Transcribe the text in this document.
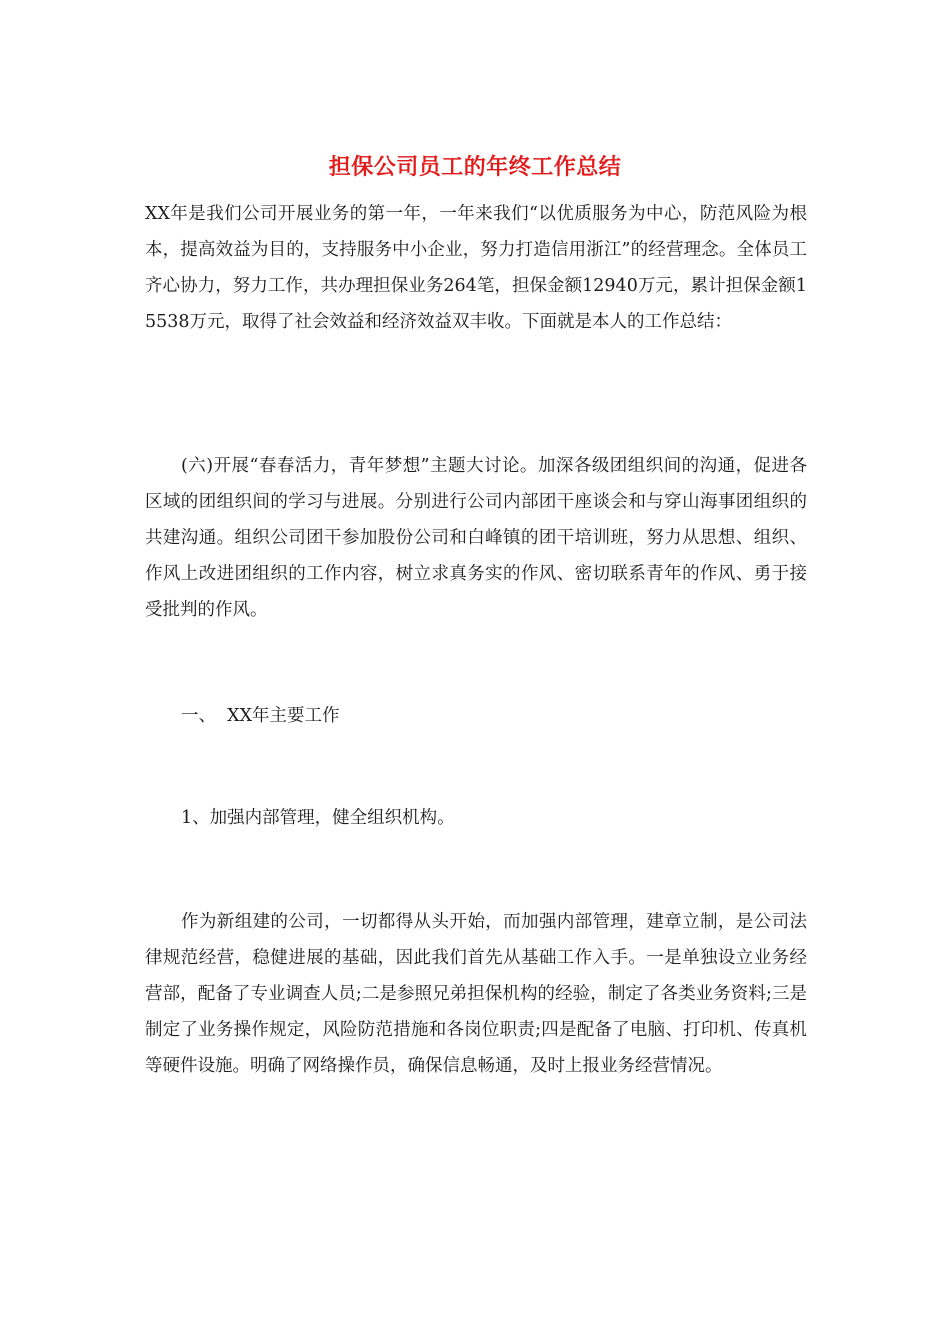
担保公司员工的年终工作总结

XX年是我们公司开展业务的第一年，一年来我们“以优质服务为中心，防范风险为根本，提高效益为目的，支持服务中小企业，努力打造信用浙江”的经营理念。全体员工齐心协力，努力工作，共办理担保业务264笔，担保金额12940万元，累计担保金额15538万元，取得了社会效益和经济效益双丰收。下面就是本人的工作总结：

(六)开展“春春活力，青年梦想”主题大讨论。加深各级团组织间的沟通，促进各区域的团组织间的学习与进展。分别进行公司内部团干座谈会和与穿山海事团组织的共建沟通。组织公司团干参加股份公司和白峰镇的团干培训班，努力从思想、组织、作风上改进团组织的工作内容，树立求真务实的作风、密切联系青年的作风、勇于接受批判的作风。

一、  XX年主要工作

1、加强内部管理，健全组织机构。

作为新组建的公司，一切都得从头开始，而加强内部管理，建章立制，是公司法律规范经营，稳健进展的基础，因此我们首先从基础工作入手。一是单独设立业务经营部，配备了专业调查人员;二是参照兄弟担保机构的经验，制定了各类业务资料;三是制定了业务操作规定，风险防范措施和各岗位职责;四是配备了电脑、打印机、传真机等硬件设施。明确了网络操作员，确保信息畅通，及时上报业务经营情况。
